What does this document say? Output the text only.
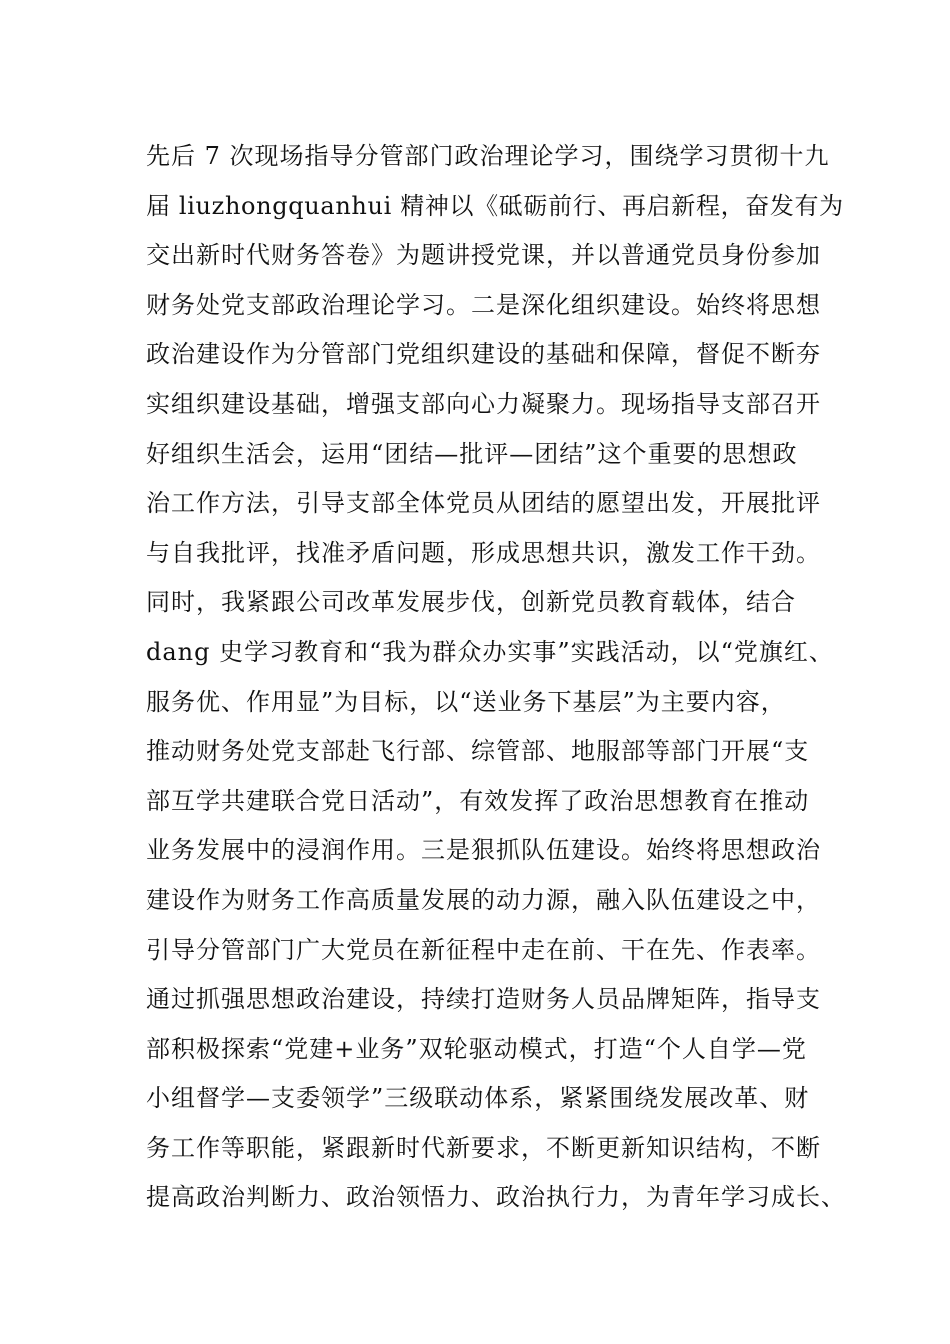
先后 7 次现场指导分管部门政治理论学习，围绕学习贯彻十九
届 liuzhongquanhui 精神以《砥砺前行、再启新程，奋发有为
交出新时代财务答卷》为题讲授党课，并以普通党员身份参加
财务处党支部政治理论学习。二是深化组织建设。始终将思想
政治建设作为分管部门党组织建设的基础和保障，督促不断夯
实组织建设基础，增强支部向心力凝聚力。现场指导支部召开
好组织生活会，运用“团结—批评—团结”这个重要的思想政
治工作方法，引导支部全体党员从团结的愿望出发，开展批评
与自我批评，找准矛盾问题，形成思想共识，激发工作干劲。
同时，我紧跟公司改革发展步伐，创新党员教育载体，结合
dang 史学习教育和“我为群众办实事”实践活动，以“党旗红、
服务优、作用显”为目标，以“送业务下基层”为主要内容，
推动财务处党支部赴飞行部、综管部、地服部等部门开展“支
部互学共建联合党日活动”，有效发挥了政治思想教育在推动
业务发展中的浸润作用。三是狠抓队伍建设。始终将思想政治
建设作为财务工作高质量发展的动力源，融入队伍建设之中，
引导分管部门广大党员在新征程中走在前、干在先、作表率。
通过抓强思想政治建设，持续打造财务人员品牌矩阵，指导支
部积极探索“党建+业务”双轮驱动模式，打造“个人自学—党
小组督学—支委领学”三级联动体系，紧紧围绕发展改革、财
务工作等职能，紧跟新时代新要求，不断更新知识结构，不断
提高政治判断力、政治领悟力、政治执行力，为青年学习成长、
